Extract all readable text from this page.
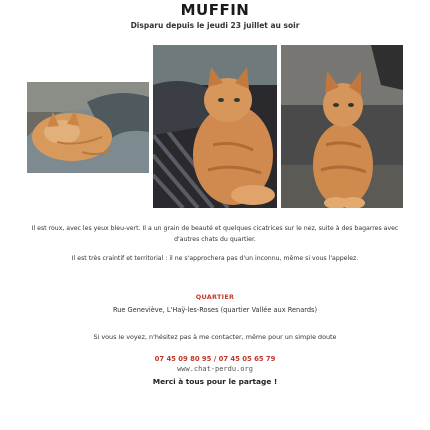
MUFFIN
Disparu depuis le jeudi 23 juillet au soir
Il est roux, avec les yeux bleu-vert. Il a un grain de beauté et quelques cicatrices sur le nez, suite à des bagarres avec d'autres chats du quartier.
Il est très craintif et territorial : il ne s'approchera pas d'un inconnu, même si vous l'appelez.
QUARTIER
Rue Geneviève, L'Haÿ-les-Roses (quartier Vallée aux Renards)
Si vous le voyez, n'hésitez pas à me contacter, même pour un simple doute
07 45 09 80 95 / 07 45 05 65 79
www.chat-perdu.org
Merci à tous pour le partage !
